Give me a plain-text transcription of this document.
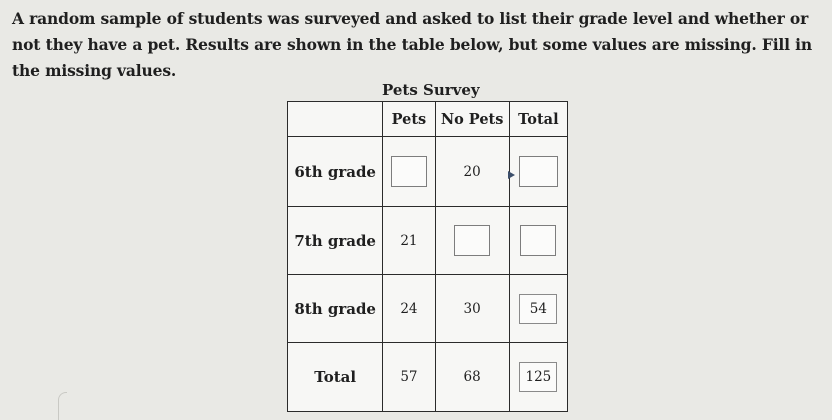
A random sample of students was surveyed and asked to list their grade level and whether or not they have a pet. Results are shown in the table below, but some values are missing. Fill in the missing values.
Pets Survey
	Pets	No Pets	Total
6th grade		20	
7th grade	21		
8th grade	24	30	54
Total	57	68	125
